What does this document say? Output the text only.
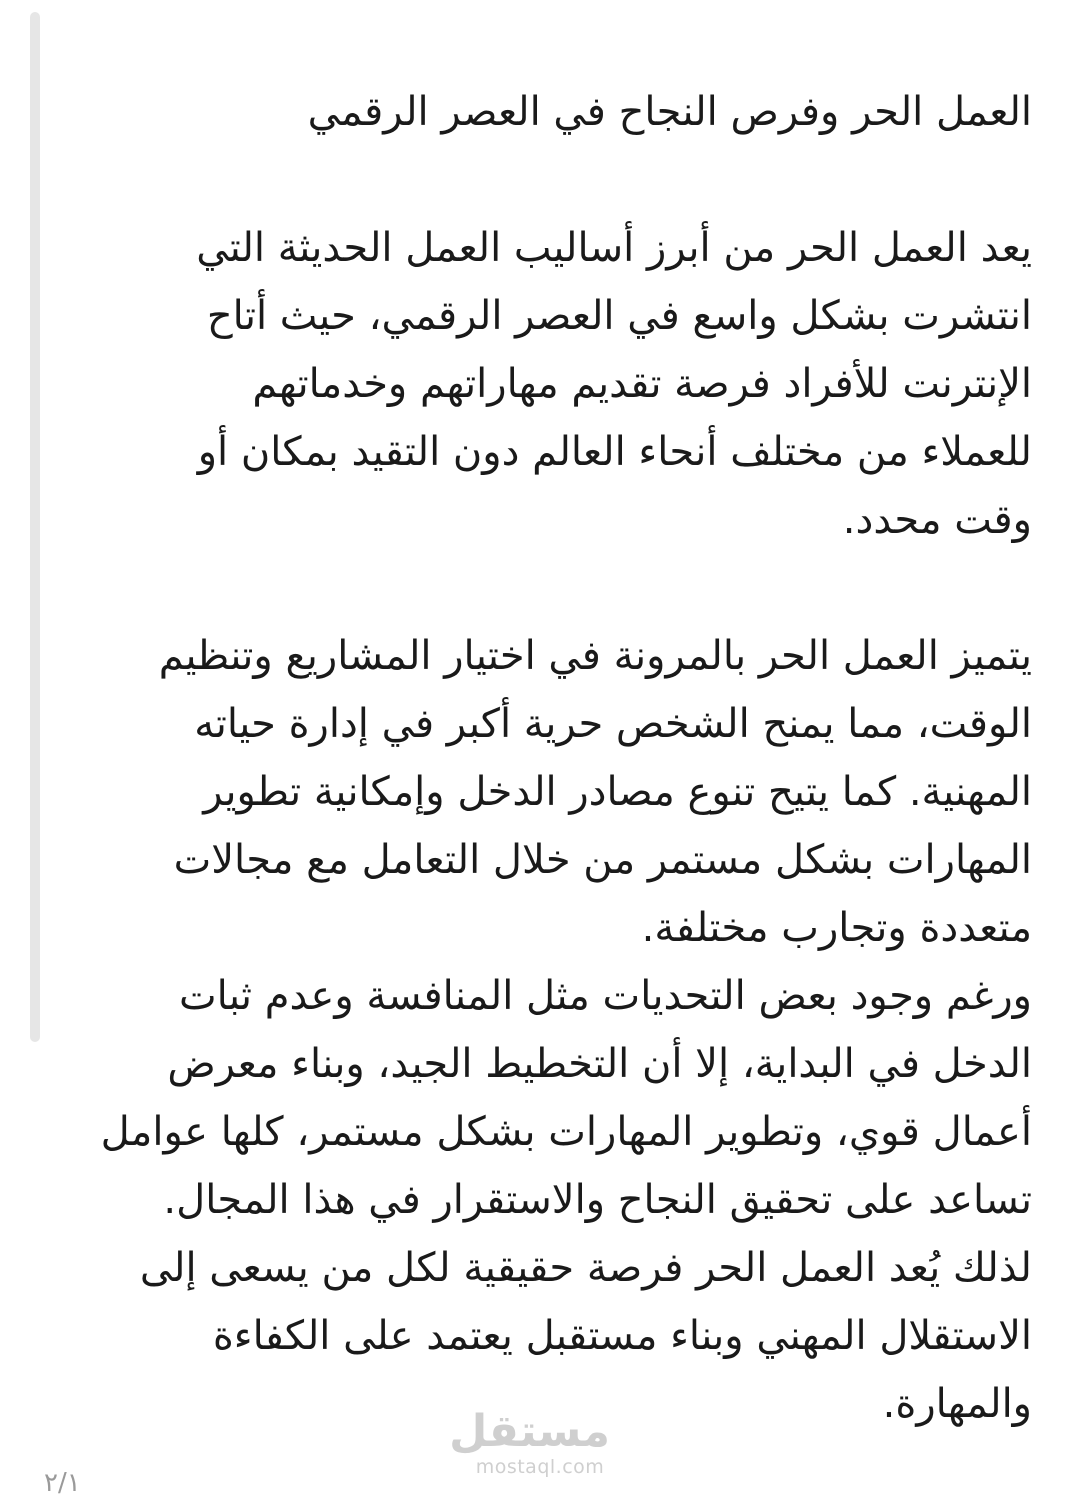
العمل الحر وفرص النجاح في العصر الرقمي

يعد العمل الحر من أبرز أساليب العمل الحديثة التي
انتشرت بشكل واسع في العصر الرقمي، حيث أتاح
الإنترنت للأفراد فرصة تقديم مهاراتهم وخدماتهم
للعملاء من مختلف أنحاء العالم دون التقيد بمكان أو
وقت محدد.

يتميز العمل الحر بالمرونة في اختيار المشاريع وتنظيم
الوقت، مما يمنح الشخص حرية أكبر في إدارة حياته
المهنية. كما يتيح تنوع مصادر الدخل وإمكانية تطوير
المهارات بشكل مستمر من خلال التعامل مع مجالات
متعددة وتجارب مختلفة.

ورغم وجود بعض التحديات مثل المنافسة وعدم ثبات
الدخل في البداية، إلا أن التخطيط الجيد، وبناء معرض
أعمال قوي، وتطوير المهارات بشكل مستمر، كلها عوامل
تساعد على تحقيق النجاح والاستقرار في هذا المجال.

لذلك يُعد العمل الحر فرصة حقيقية لكل من يسعى إلى
الاستقلال المهني وبناء مستقبل يعتمد على الكفاءة
والمهارة.

مستقل
mostaql.com
٢/١
